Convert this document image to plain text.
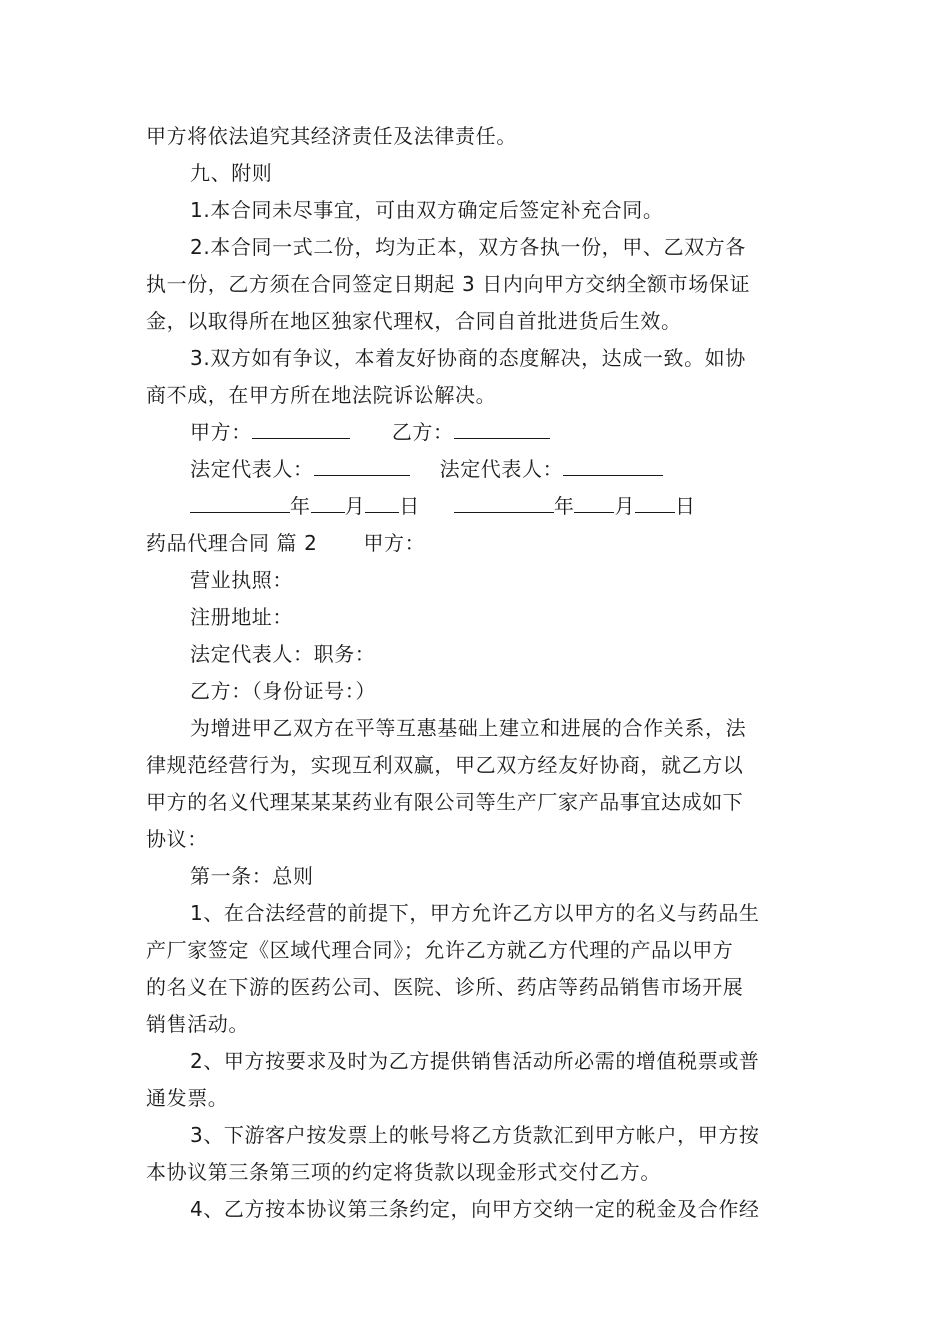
甲方将依法追究其经济责任及法律责任。
九、附则
1.本合同未尽事宜，可由双方确定后签定补充合同。
2.本合同一式二份，均为正本，双方各执一份，甲、乙双方各
执一份，乙方须在合同签定日期起 3 日内向甲方交纳全额市场保证
金，以取得所在地区独家代理权，合同自首批进货后生效。
3.双方如有争议，本着友好协商的态度解决，达成一致。如协
商不成，在甲方所在地法院诉讼解决。
甲方：	乙方：
法定代表人：	法定代表人：
年 月 日	年 月 日
药品代理合同 篇 2 甲方：
营业执照：
注册地址：
法定代表人：职务：
乙方：（身份证号：）
为增进甲乙双方在平等互惠基础上建立和进展的合作关系，法
律规范经营行为，实现互利双赢，甲乙双方经友好协商，就乙方以
甲方的名义代理某某某药业有限公司等生产厂家产品事宜达成如下
协议：
第一条：总则
1、在合法经营的前提下，甲方允许乙方以甲方的名义与药品生
产厂家签定《区域代理合同》；允许乙方就乙方代理的产品以甲方
的名义在下游的医药公司、医院、诊所、药店等药品销售市场开展
销售活动。
2、甲方按要求及时为乙方提供销售活动所必需的增值税票或普
通发票。
3、下游客户按发票上的帐号将乙方货款汇到甲方帐户，甲方按
本协议第三条第三项的约定将货款以现金形式交付乙方。
4、乙方按本协议第三条约定，向甲方交纳一定的税金及合作经
